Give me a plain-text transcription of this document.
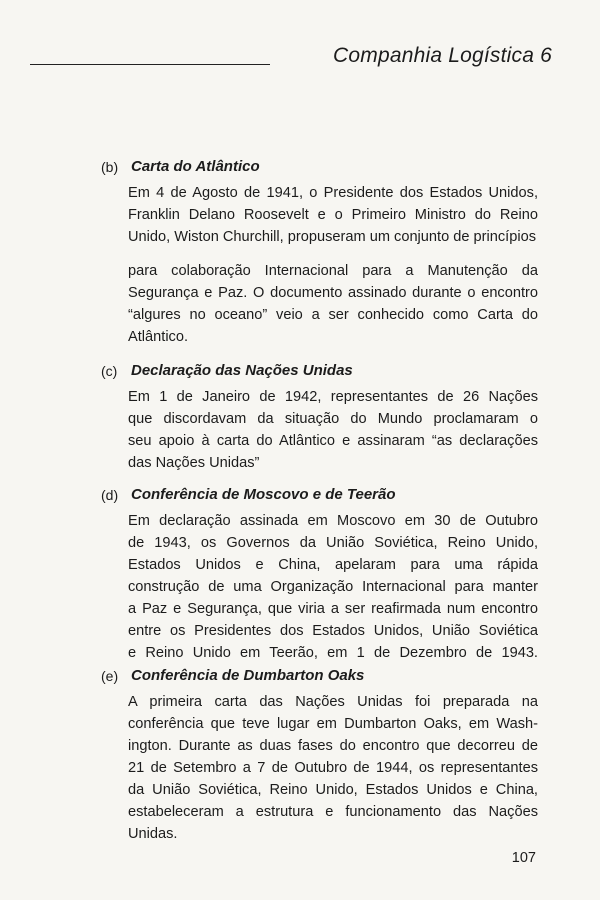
Companhia Logística 6
(b) Carta do Atlântico
Em 4 de Agosto de 1941, o Presidente dos Estados Unidos,
Franklin Delano Roosevelt e o Primeiro Ministro do Reino
Unido, Wiston Churchill, propuseram um conjunto de princípios
para colaboração Internacional para a Manutenção da
Segurança e Paz. O documento assinado durante o encontro
“algures no oceano” veio a ser conhecido como Carta do
Atlântico.
(c) Declaração das Nações Unidas
Em 1 de Janeiro de 1942, representantes de 26 Nações
que discordavam da situação do Mundo proclamaram o
seu apoio à carta do Atlântico e assinaram “as declarações
das Nações Unidas”
(d) Conferência de Moscovo e de Teerão
Em declaração assinada em Moscovo em 30 de Outubro
de 1943, os Governos da União Soviética, Reino Unido,
Estados Unidos e China, apelaram para uma rápida
construção de uma Organização Internacional para manter
a Paz e Segurança, que viria a ser reafirmada num encontro
entre os Presidentes dos Estados Unidos, União Soviética
e Reino Unido em Teerão, em 1 de Dezembro de 1943.
(e) Conferência de Dumbarton Oaks
A primeira carta das Nações Unidas foi preparada na
conferência que teve lugar em Dumbarton Oaks, em Wash-
ington. Durante as duas fases do encontro que decorreu de
21 de Setembro a 7 de Outubro de 1944, os representantes
da União Soviética, Reino Unido, Estados Unidos e China,
estabeleceram a estrutura e funcionamento das Nações
Unidas.
107
